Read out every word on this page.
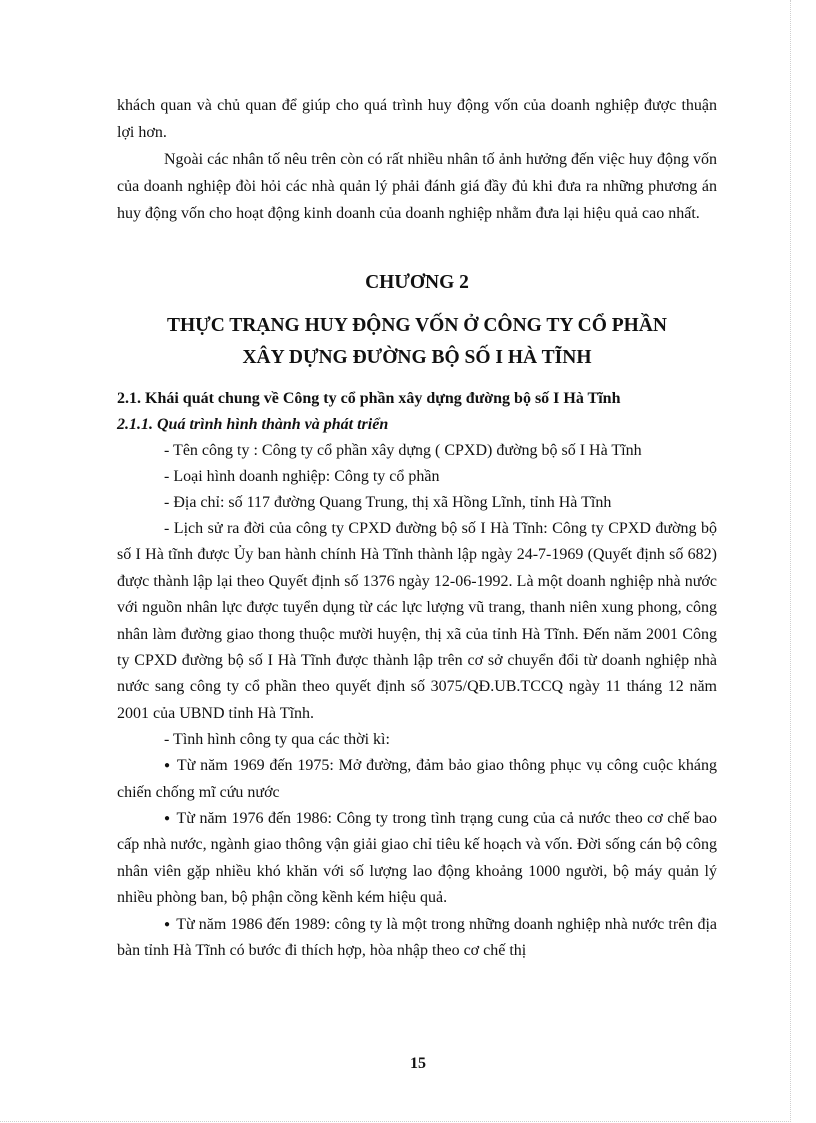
khách quan và chủ quan để giúp cho quá trình huy động vốn của doanh nghiệp được thuận lợi hơn.

Ngoài các nhân tố nêu trên còn có rất nhiều nhân tố ảnh hưởng đến việc huy động vốn của doanh nghiệp đòi hỏi các nhà quản lý phải đánh giá đầy đủ khi đưa ra những phương án huy động vốn cho hoạt động kinh doanh của doanh nghiệp nhằm đưa lại hiệu quả cao nhất.

CHƯƠNG 2
THỰC TRẠNG HUY ĐỘNG VỐN Ở CÔNG TY CỔ PHẦN
XÂY DỰNG ĐƯỜNG BỘ SỐ I HÀ TĨNH
2.1. Khái quát chung về Công ty cổ phần xây dựng đường bộ số I Hà Tĩnh
2.1.1. Quá trình hình thành và phát triển
- Tên công ty : Công ty cổ phần xây dựng ( CPXD) đường bộ số I Hà Tĩnh
- Loại hình doanh nghiệp: Công ty cổ phần
- Địa chỉ: số 117 đường Quang Trung, thị xã Hồng Lĩnh, tỉnh Hà Tĩnh

- Lịch sử ra đời của công ty CPXD đường bộ số I Hà Tĩnh: Công ty CPXD đường bộ số I Hà tĩnh được Ủy ban hành chính Hà Tĩnh thành lập ngày 24-7-1969 (Quyết định số 682) được thành lập lại theo Quyết định số 1376 ngày 12-06-1992. Là một doanh nghiệp nhà nước với nguồn nhân lực được tuyển dụng từ các lực lượng vũ trang, thanh niên xung phong, công nhân làm đường giao thong thuộc mười huyện, thị xã của tỉnh Hà Tĩnh. Đến năm 2001 Công ty CPXD đường bộ số I Hà Tĩnh được thành lập trên cơ sở chuyển đổi từ doanh nghiệp nhà nước sang công ty cổ phần theo quyết định số 3075/QĐ.UB.TCCQ ngày 11 tháng 12 năm 2001 của UBND tỉnh Hà Tĩnh.

- Tình hình công ty qua các thời kì:

● Từ năm 1969 đến 1975: Mở đường, đảm bảo giao thông phục vụ công cuộc kháng chiến chống mĩ cứu nước

● Từ năm 1976 đến 1986: Công ty trong tình trạng cung của cả nước theo cơ chế bao cấp nhà nước, ngành giao thông vận giải giao chỉ tiêu kế hoạch và vốn. Đời sống cán bộ công nhân viên gặp nhiều khó khăn với số lượng lao động khoảng 1000 người, bộ máy quản lý nhiều phòng ban, bộ phận cồng kềnh kém hiệu quả.

● Từ năm 1986 đến 1989: công ty là một trong những doanh nghiệp nhà nước trên địa bàn tỉnh Hà Tĩnh có bước đi thích hợp, hòa nhập theo cơ chế thị

15
